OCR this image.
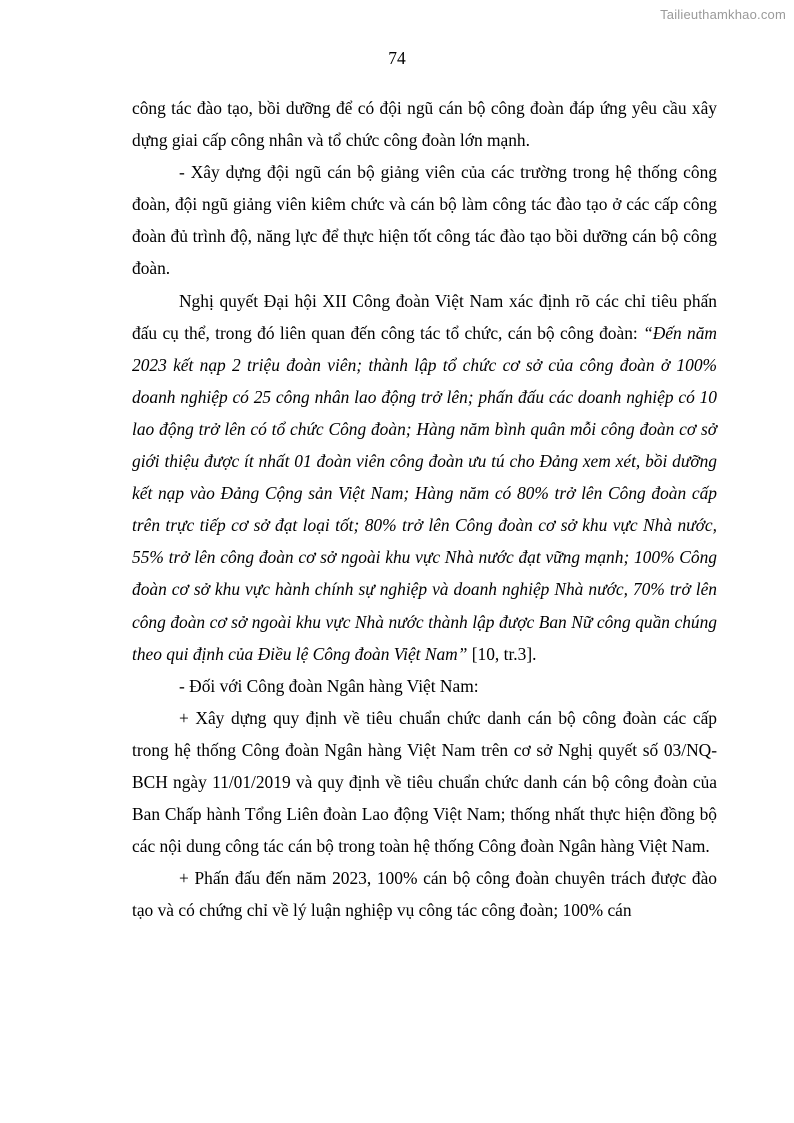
Tailieuthamkhao.com
74

công tác đào tạo, bồi dưỡng để có đội ngũ cán bộ công đoàn đáp ứng yêu cầu xây dựng giai cấp công nhân và tổ chức công đoàn lớn mạnh.

- Xây dựng đội ngũ cán bộ giảng viên của các trường trong hệ thống công đoàn, đội ngũ giảng viên kiêm chức và cán bộ làm công tác đào tạo ở các cấp công đoàn đủ trình độ, năng lực để thực hiện tốt công tác đào tạo bồi dưỡng cán bộ công đoàn.

Nghị quyết Đại hội XII Công đoàn Việt Nam xác định rõ các chỉ tiêu phấn đấu cụ thể, trong đó liên quan đến công tác tổ chức, cán bộ công đoàn: “Đến năm 2023 kết nạp 2 triệu đoàn viên; thành lập tổ chức cơ sở của công đoàn ở 100% doanh nghiệp có 25 công nhân lao động trở lên; phấn đấu các doanh nghiệp có 10 lao động trở lên có tổ chức Công đoàn; Hàng năm bình quân mỗi công đoàn cơ sở giới thiệu được ít nhất 01 đoàn viên công đoàn ưu tú cho Đảng xem xét, bồi dưỡng kết nạp vào Đảng Cộng sản Việt Nam; Hàng năm có 80% trở lên Công đoàn cấp trên trực tiếp cơ sở đạt loại tốt; 80% trở lên Công đoàn cơ sở khu vực Nhà nước, 55% trở lên công đoàn cơ sở ngoài khu vực Nhà nước đạt vững mạnh; 100% Công đoàn cơ sở khu vực hành chính sự nghiệp và doanh nghiệp Nhà nước, 70% trở lên công đoàn cơ sở ngoài khu vực Nhà nước thành lập được Ban Nữ công quần chúng theo qui định của Điều lệ Công đoàn Việt Nam” [10, tr.3].

- Đối với Công đoàn Ngân hàng Việt Nam:

+ Xây dựng quy định về tiêu chuẩn chức danh cán bộ công đoàn các cấp trong hệ thống Công đoàn Ngân hàng Việt Nam trên cơ sở Nghị quyết số 03/NQ-BCH ngày 11/01/2019 và quy định về tiêu chuẩn chức danh cán bộ công đoàn của Ban Chấp hành Tổng Liên đoàn Lao động Việt Nam; thống nhất thực hiện đồng bộ các nội dung công tác cán bộ trong toàn hệ thống Công đoàn Ngân hàng Việt Nam.

+ Phấn đấu đến năm 2023, 100% cán bộ công đoàn chuyên trách được đào tạo và có chứng chỉ về lý luận nghiệp vụ công tác công đoàn; 100% cán
